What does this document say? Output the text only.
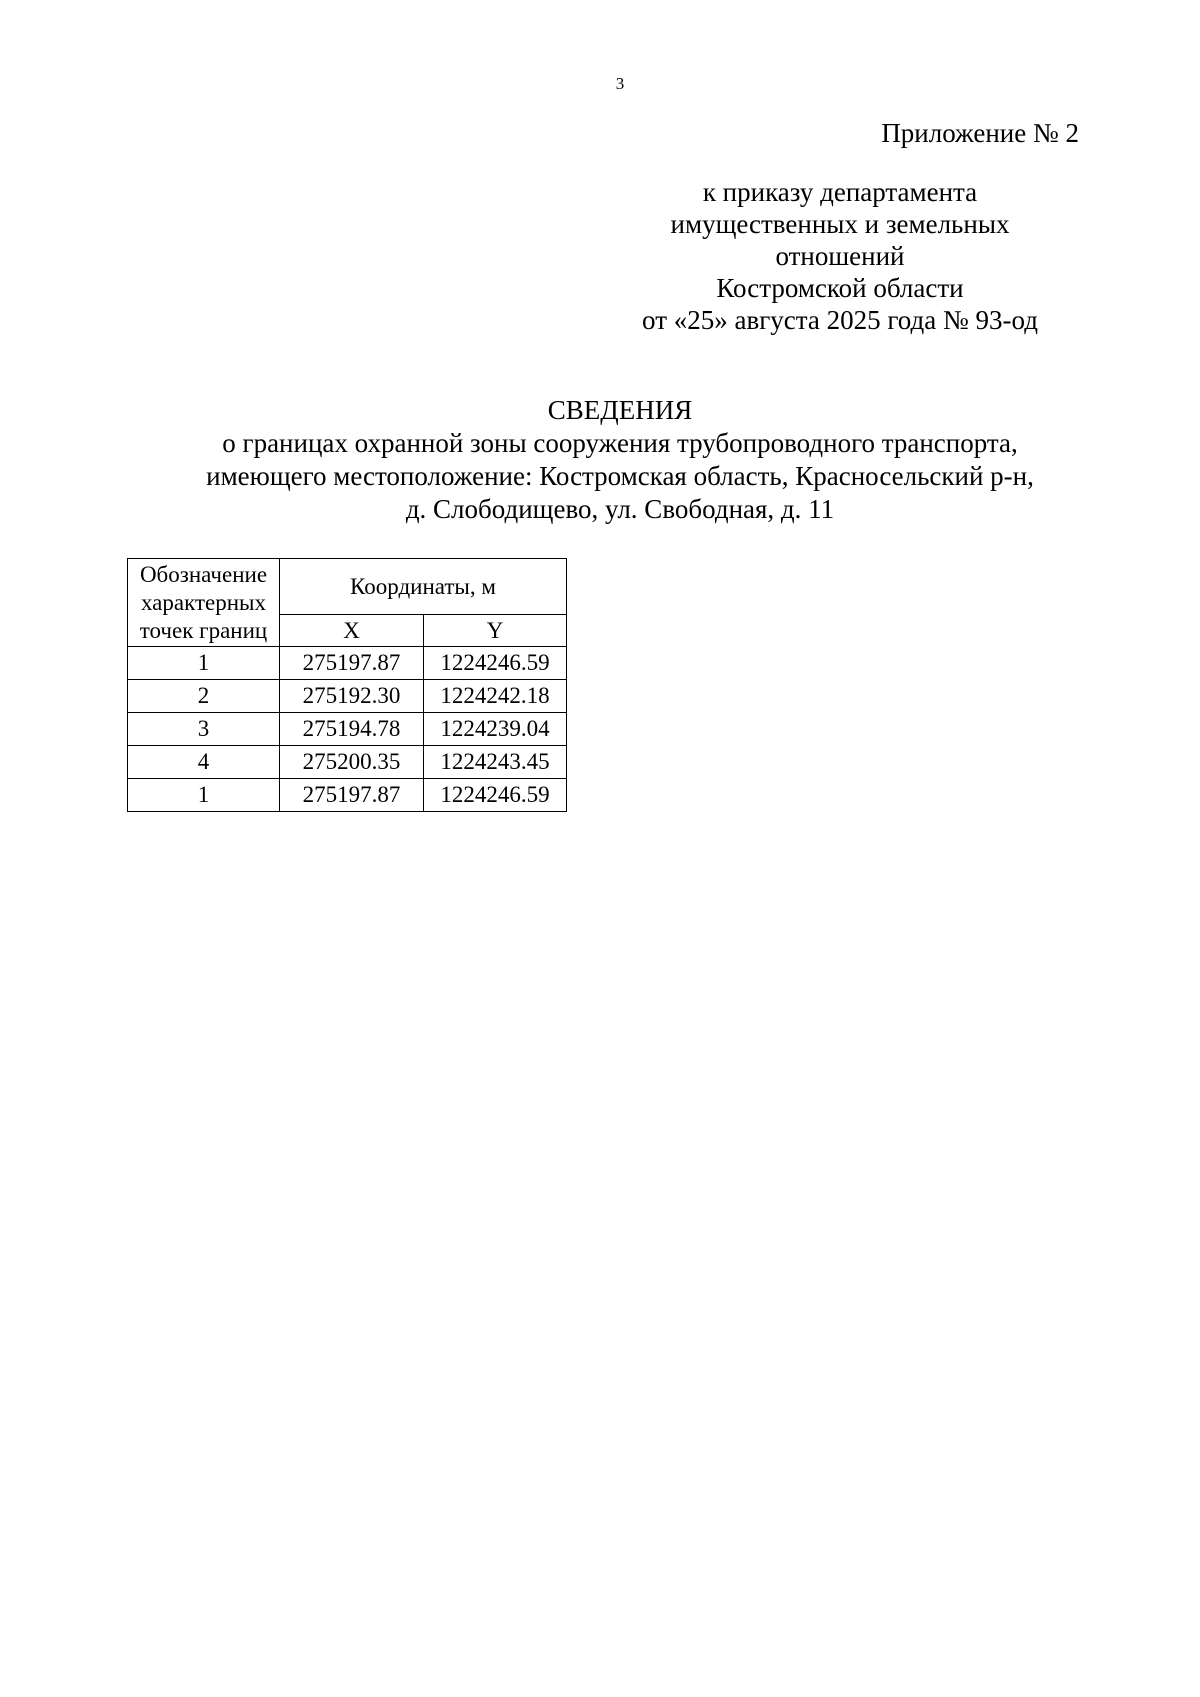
3
Приложение № 2
к приказу департамента
имущественных и земельных
отношений
Костромской области
от «25» августа 2025 года № 93-од
СВЕДЕНИЯ
о границах охранной зоны сооружения трубопроводного транспорта,
имеющего местоположение: Костромская область, Красносельский р-н,
д. Слободищево, ул. Свободная, д. 11
Обозначение характерных точек границ	Координаты, м	
	X	Y
1	275197.87	1224246.59
2	275192.30	1224242.18
3	275194.78	1224239.04
4	275200.35	1224243.45
1	275197.87	1224246.59
